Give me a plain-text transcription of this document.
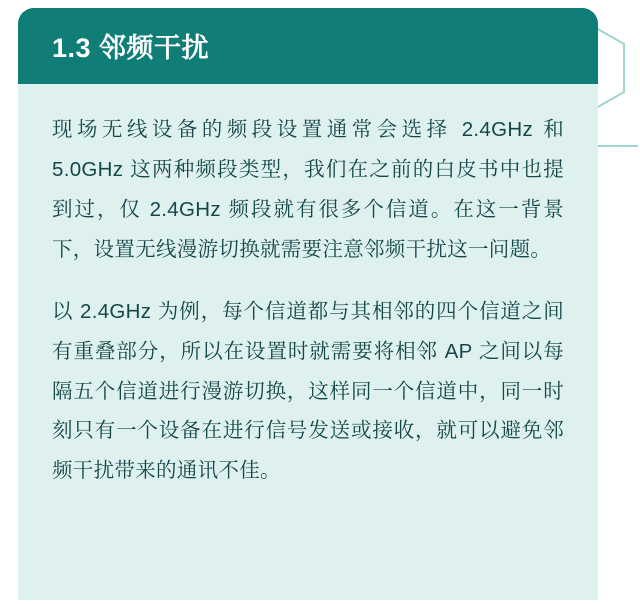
1.3 邻频干扰

现场无线设备的频段设置通常会选择 2.4GHz 和 5.0GHz 这两种频段类型，我们在之前的白皮书中也提到过，仅 2.4GHz 频段就有很多个信道。在这一背景下，设置无线漫游切换就需要注意邻频干扰这一问题。

以 2.4GHz 为例，每个信道都与其相邻的四个信道之间有重叠部分，所以在设置时就需要将相邻 AP 之间以每隔五个信道进行漫游切换，这样同一个信道中，同一时刻只有一个设备在进行信号发送或接收，就可以避免邻频干扰带来的通讯不佳。
